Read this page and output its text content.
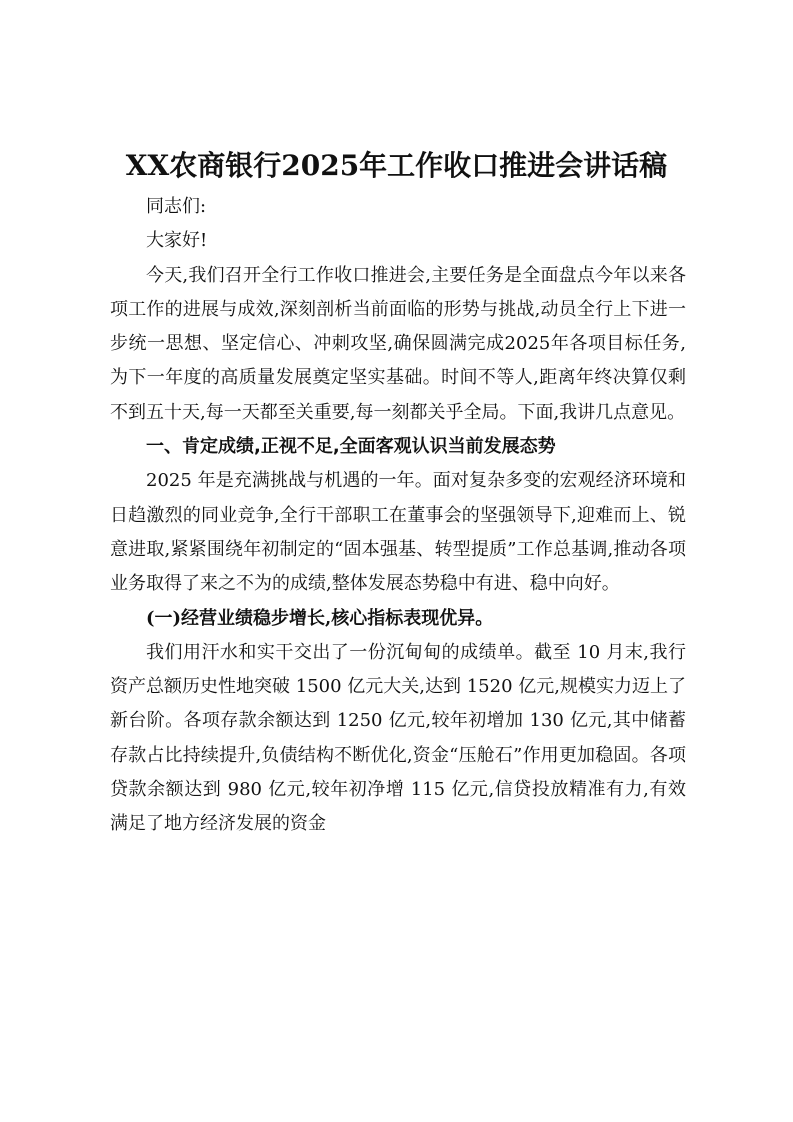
XX农商银行2025年工作收口推进会讲话稿

同志们:

大家好!

今天,我们召开全行工作收口推进会,主要任务是全面盘点今年以来各项工作的进展与成效,深刻剖析当前面临的形势与挑战,动员全行上下进一步统一思想、坚定信心、冲刺攻坚,确保圆满完成2025年各项目标任务,为下一年度的高质量发展奠定坚实基础。时间不等人,距离年终决算仅剩不到五十天,每一天都至关重要,每一刻都关乎全局。下面,我讲几点意见。

一、肯定成绩,正视不足,全面客观认识当前发展态势

2025 年是充满挑战与机遇的一年。面对复杂多变的宏观经济环境和日趋激烈的同业竞争,全行干部职工在董事会的坚强领导下,迎难而上、锐意进取,紧紧围绕年初制定的“固本强基、转型提质”工作总基调,推动各项业务取得了来之不为的成绩,整体发展态势稳中有进、稳中向好。

(一)经营业绩稳步增长,核心指标表现优异。

我们用汗水和实干交出了一份沉甸甸的成绩单。截至 10 月末,我行资产总额历史性地突破 1500 亿元大关,达到 1520 亿元,规模实力迈上了新台阶。各项存款余额达到 1250 亿元,较年初增加 130 亿元,其中储蓄存款占比持续提升,负债结构不断优化,资金“压舱石”作用更加稳固。各项贷款余额达到 980 亿元,较年初净增 115 亿元,信贷投放精准有力,有效满足了地方经济发展的资金
